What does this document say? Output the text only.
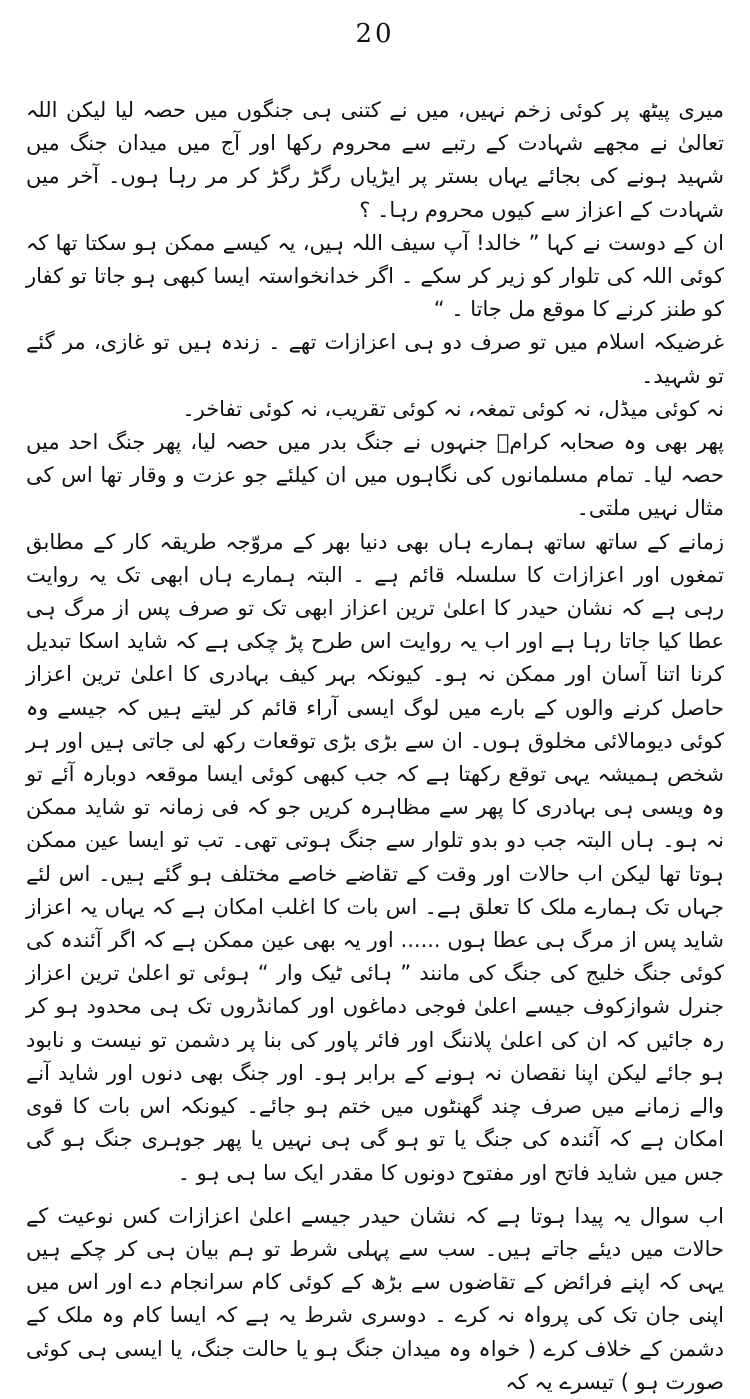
20

میری پیٹھ پر کوئی زخم نہیں، میں نے کتنی ہی جنگوں میں حصہ لیا لیکن اللہ تعالیٰ نے مجھے شہادت کے رتبے سے محروم رکھا اور آج میں میدان جنگ میں شہید ہونے کی بجائے یہاں بستر پر ایڑیاں رگڑ رگڑ کر مر رہا ہوں۔ آخر میں شہادت کے اعزاز سے کیوں محروم رہا۔ ؟

ان کے دوست نے کہا ” خالد! آپ سیف اللہ ہیں، یہ کیسے ممکن ہو سکتا تھا کہ کوئی اللہ کی تلوار کو زیر کر سکے ۔ اگر خدانخواستہ ایسا کبھی ہو جاتا تو کفار کو طنز کرنے کا موقع مل جاتا ۔ “

غرضیکہ اسلام میں تو صرف دو ہی اعزازات تھے ۔ زندہ ہیں تو غازی، مر گئے تو شہید۔

نہ کوئی میڈل، نہ کوئی تمغہ، نہ کوئی تقریب، نہ کوئی تفاخر۔

پھر بھی وہ صحابہ کرامؓ جنہوں نے جنگ بدر میں حصہ لیا، پھر جنگ احد میں حصہ لیا۔ تمام مسلمانوں کی نگاہوں میں ان کیلئے جو عزت و وقار تھا اس کی مثال نہیں ملتی۔

زمانے کے ساتھ ساتھ ہمارے ہاں بھی دنیا بھر کے مروّجہ طریقہ کار کے مطابق تمغوں اور اعزازات کا سلسلہ قائم ہے ۔ البتہ ہمارے ہاں ابھی تک یہ روایت رہی ہے کہ نشان حیدر کا اعلیٰ ترین اعزاز ابھی تک تو صرف پس از مرگ ہی عطا کیا جاتا رہا ہے اور اب یہ روایت اس طرح پڑ چکی ہے کہ شاید اسکا تبدیل کرنا اتنا آسان اور ممکن نہ ہو۔ کیونکہ بہر کیف بہادری کا اعلیٰ ترین اعزاز حاصل کرنے والوں کے بارے میں لوگ ایسی آراء قائم کر لیتے ہیں کہ جیسے وہ کوئی دیومالائی مخلوق ہوں۔ ان سے بڑی بڑی توقعات رکھ لی جاتی ہیں اور ہر شخص ہمیشہ یہی توقع رکھتا ہے کہ جب کبھی کوئی ایسا موقعہ دوبارہ آئے تو وہ ویسی ہی بہادری کا پھر سے مظاہرہ کریں جو کہ فی زمانہ تو شاید ممکن نہ ہو۔ ہاں البتہ جب دو بدو تلوار سے جنگ ہوتی تھی۔ تب تو ایسا عین ممکن ہوتا تھا لیکن اب حالات اور وقت کے تقاضے خاصے مختلف ہو گئے ہیں۔ اس لئے جہاں تک ہمارے ملک کا تعلق ہے۔ اس بات کا اغلب امکان ہے کہ یہاں یہ اعزاز شاید پس از مرگ ہی عطا ہوں ...... اور یہ بھی عین ممکن ہے کہ اگر آئندہ کی کوئی جنگ خلیج کی جنگ کی مانند ” ہائی ٹیک وار “ ہوئی تو اعلیٰ ترین اعزاز جنرل شوازکوف جیسے اعلیٰ فوجی دماغوں اور کمانڈروں تک ہی محدود ہو کر رہ جائیں کہ ان کی اعلیٰ پلاننگ اور فائر پاور کی بنا پر دشمن تو نیست و نابود ہو جائے لیکن اپنا نقصان نہ ہونے کے برابر ہو۔ اور جنگ بھی دنوں اور شاید آنے والے زمانے میں صرف چند گھنٹوں میں ختم ہو جائے۔ کیونکہ اس بات کا قوی امکان ہے کہ آئندہ کی جنگ یا تو ہو گی ہی نہیں یا پھر جوہری جنگ ہو گی جس میں شاید فاتح اور مفتوح دونوں کا مقدر ایک سا ہی ہو ۔

اب سوال یہ پیدا ہوتا ہے کہ نشان حیدر جیسے اعلیٰ اعزازات کس نوعیت کے حالات میں دیئے جاتے ہیں۔ سب سے پہلی شرط تو ہم بیان ہی کر چکے ہیں یہی کہ اپنے فرائض کے تقاضوں سے بڑھ کے کوئی کام سرانجام دے اور اس میں اپنی جان تک کی پرواہ نہ کرے ۔ دوسری شرط یہ ہے کہ ایسا کام وہ ملک کے دشمن کے خلاف کرے ( خواہ وہ میدان جنگ ہو یا حالت جنگ، یا ایسی ہی کوئی صورت ہو ) تیسرے یہ کہ
